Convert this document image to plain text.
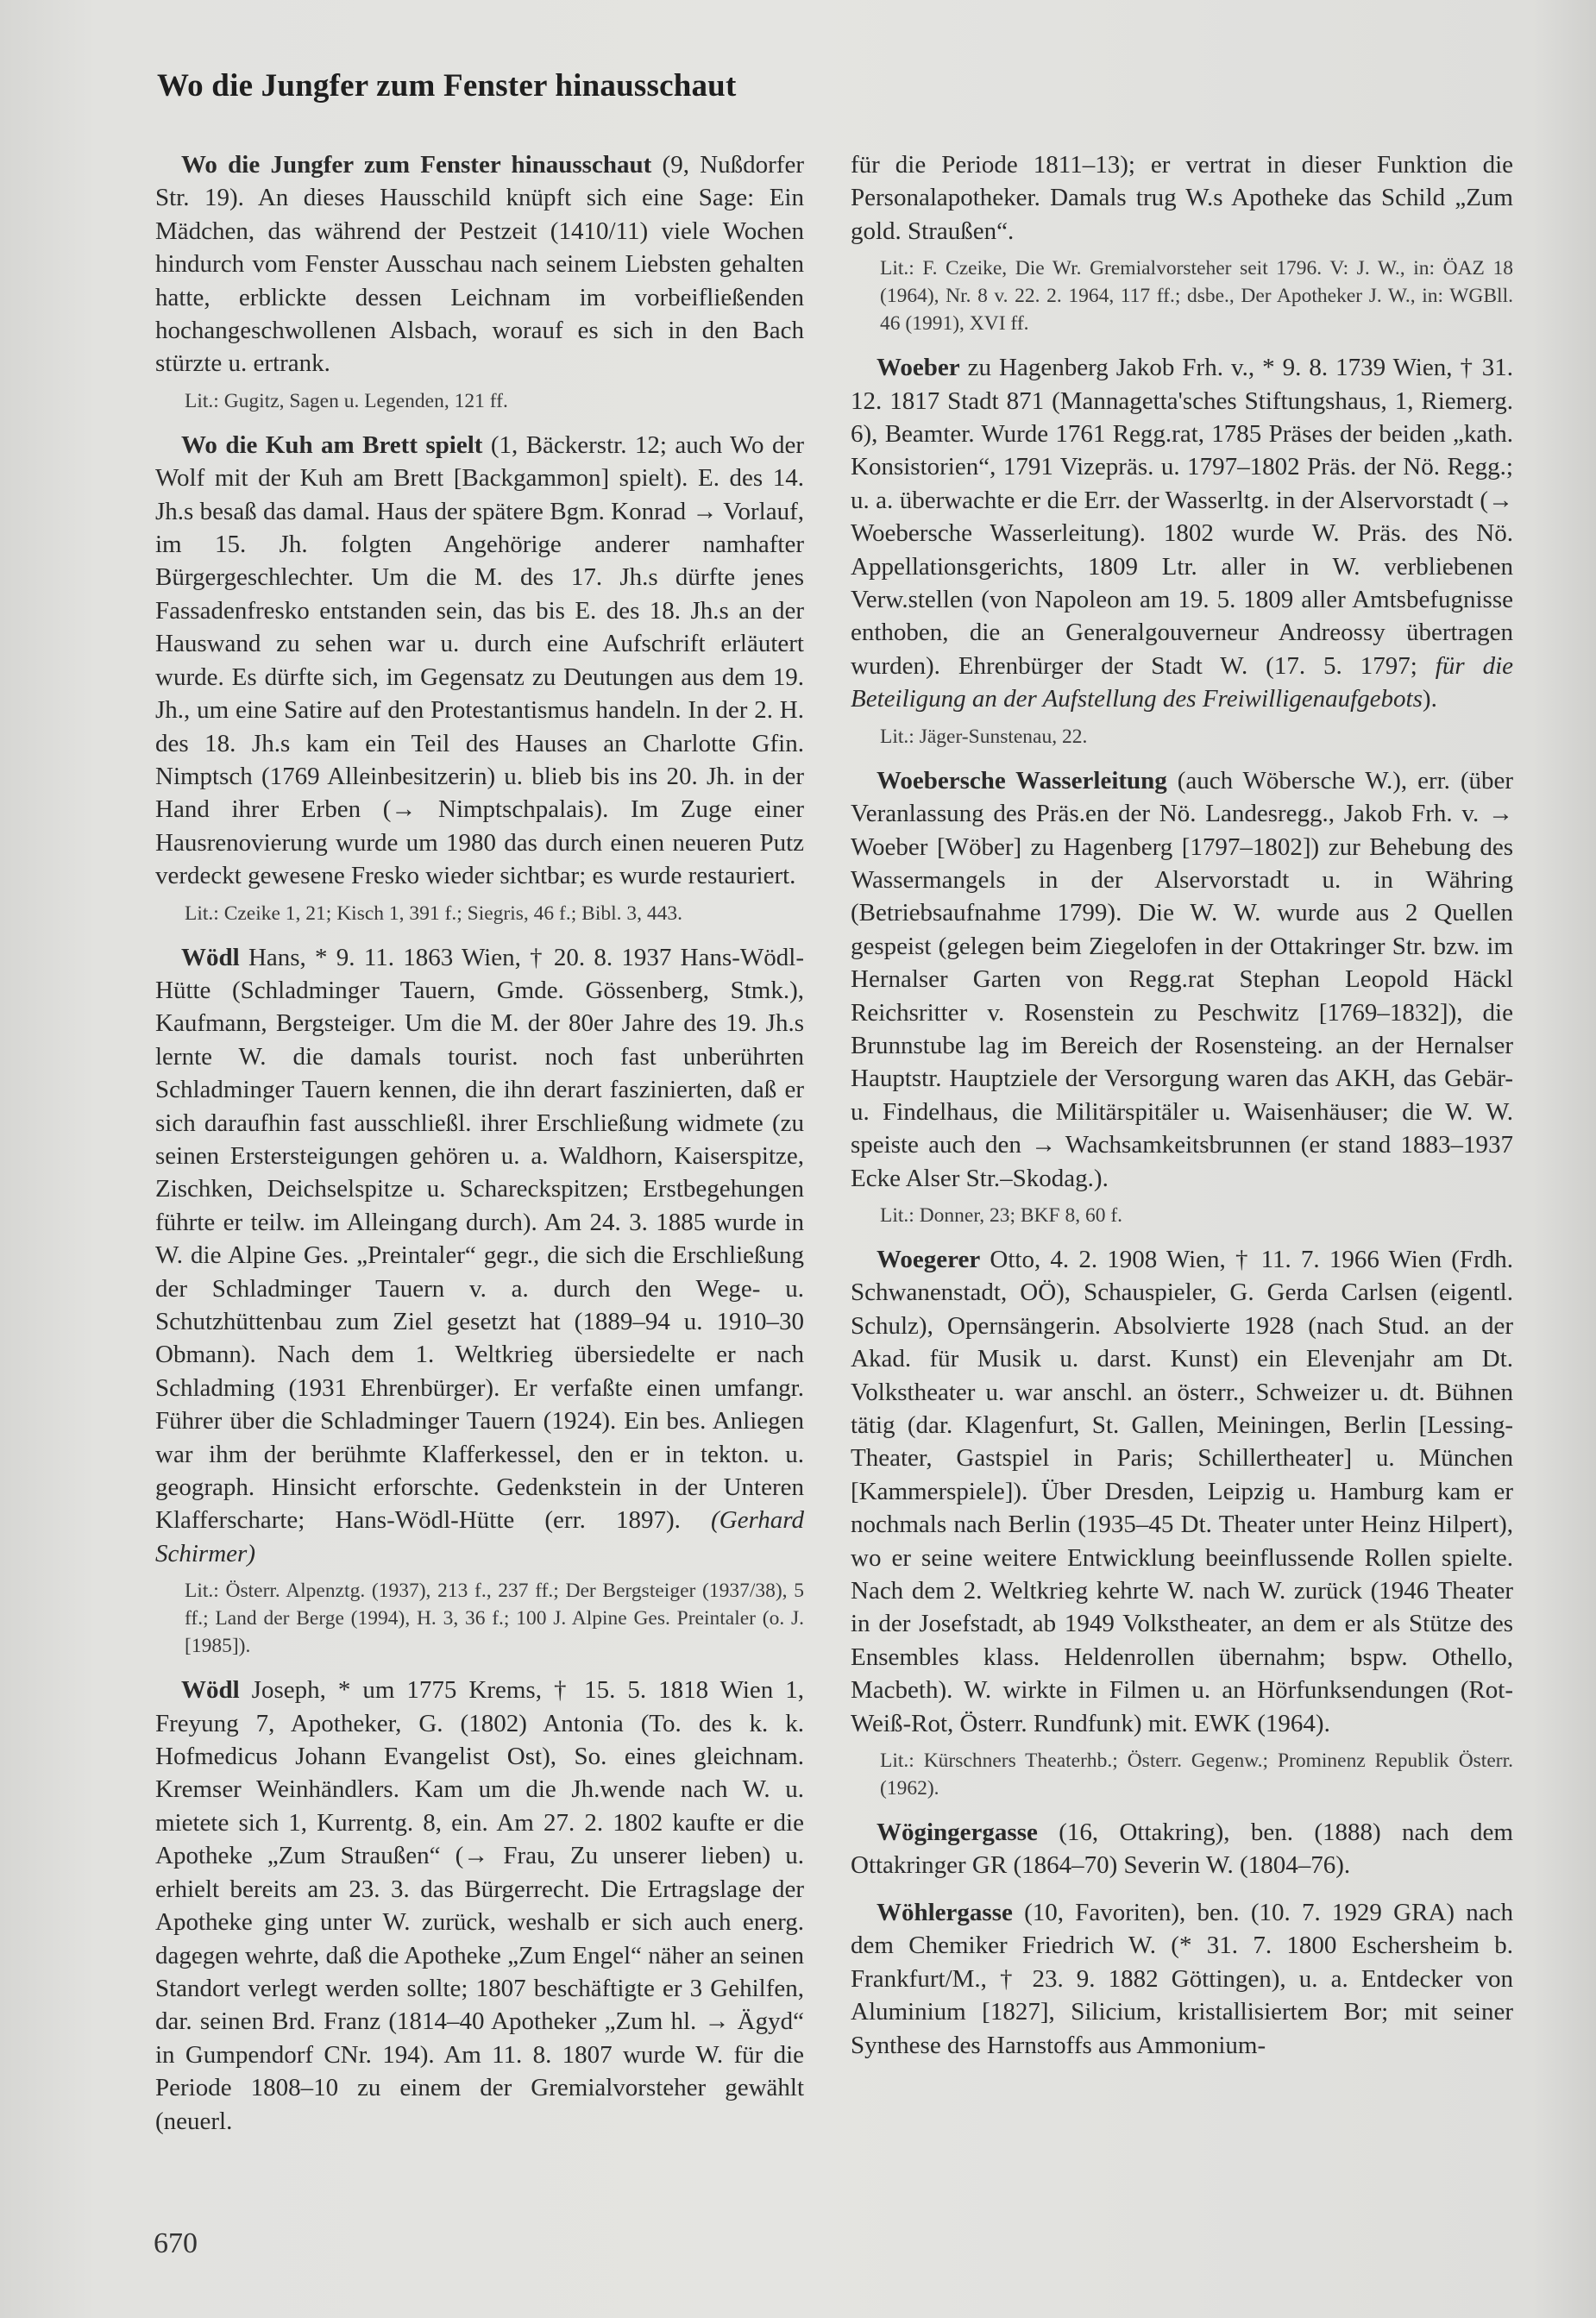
Wo die Jungfer zum Fenster hinausschaut

Wo die Jungfer zum Fenster hinausschaut (9, Nußdorfer Str. 19). An dieses Hausschild knüpft sich eine Sage: Ein Mädchen, das während der Pestzeit (1410/11) viele Wochen hindurch vom Fenster Ausschau nach seinem Liebsten gehalten hatte, erblickte dessen Leichnam im vorbeifließenden hochangeschwollenen Alsbach, worauf es sich in den Bach stürzte u. ertrank.

Lit.: Gugitz, Sagen u. Legenden, 121 ff.

Wo die Kuh am Brett spielt (1, Bäckerstr. 12; auch Wo der Wolf mit der Kuh am Brett [Backgammon] spielt). E. des 14. Jh.s besaß das damal. Haus der spätere Bgm. Konrad → Vorlauf, im 15. Jh. folgten Angehörige anderer namhafter Bürgergeschlechter. Um die M. des 17. Jh.s dürfte jenes Fassadenfresko entstanden sein, das bis E. des 18. Jh.s an der Hauswand zu sehen war u. durch eine Aufschrift erläutert wurde. Es dürfte sich, im Gegensatz zu Deutungen aus dem 19. Jh., um eine Satire auf den Protestantismus handeln. In der 2. H. des 18. Jh.s kam ein Teil des Hauses an Charlotte Gfin. Nimptsch (1769 Alleinbesitzerin) u. blieb bis ins 20. Jh. in der Hand ihrer Erben (→ Nimptschpalais). Im Zuge einer Hausrenovierung wurde um 1980 das durch einen neueren Putz verdeckt gewesene Fresko wieder sichtbar; es wurde restauriert.

Lit.: Czeike 1, 21; Kisch 1, 391 f.; Siegris, 46 f.; Bibl. 3, 443.

Wödl Hans, * 9. 11. 1863 Wien, † 20. 8. 1937 Hans-Wödl-Hütte (Schladminger Tauern, Gmde. Gössenberg, Stmk.), Kaufmann, Bergsteiger. Um die M. der 80er Jahre des 19. Jh.s lernte W. die damals tourist. noch fast unberührten Schladminger Tauern kennen, die ihn derart faszinierten, daß er sich daraufhin fast ausschließl. ihrer Erschließung widmete (zu seinen Erstersteigungen gehören u. a. Waldhorn, Kaiserspitze, Zischken, Deichselspitze u. Schareckspitzen; Erstbegehungen führte er teilw. im Alleingang durch). Am 24. 3. 1885 wurde in W. die Alpine Ges. „Preintaler“ gegr., die sich die Erschließung der Schladminger Tauern v. a. durch den Wege- u. Schutzhüttenbau zum Ziel gesetzt hat (1889–94 u. 1910–30 Obmann). Nach dem 1. Weltkrieg übersiedelte er nach Schladming (1931 Ehrenbürger). Er verfaßte einen umfangr. Führer über die Schladminger Tauern (1924). Ein bes. Anliegen war ihm der berühmte Klafferkessel, den er in tekton. u. geograph. Hinsicht erforschte. Gedenkstein in der Unteren Klafferscharte; Hans-Wödl-Hütte (err. 1897). (Gerhard Schirmer)

Lit.: Österr. Alpenztg. (1937), 213 f., 237 ff.; Der Bergsteiger (1937/38), 5 ff.; Land der Berge (1994), H. 3, 36 f.; 100 J. Alpine Ges. Preintaler (o. J. [1985]).

Wödl Joseph, * um 1775 Krems, † 15. 5. 1818 Wien 1, Freyung 7, Apotheker, G. (1802) Antonia (To. des k. k. Hofmedicus Johann Evangelist Ost), So. eines gleichnam. Kremser Weinhändlers. Kam um die Jh.wende nach W. u. mietete sich 1, Kurrentg. 8, ein. Am 27. 2. 1802 kaufte er die Apotheke „Zum Straußen“ (→ Frau, Zu unserer lieben) u. erhielt bereits am 23. 3. das Bürgerrecht. Die Ertragslage der Apotheke ging unter W. zurück, weshalb er sich auch energ. dagegen wehrte, daß die Apotheke „Zum Engel“ näher an seinen Standort verlegt werden sollte; 1807 beschäftigte er 3 Gehilfen, dar. seinen Brd. Franz (1814–40 Apotheker „Zum hl. → Ägyd“ in Gumpendorf CNr. 194). Am 11. 8. 1807 wurde W. für die Periode 1808–10 zu einem der Gremialvorsteher gewählt (neuerl.

für die Periode 1811–13); er vertrat in dieser Funktion die Personalapotheker. Damals trug W.s Apotheke das Schild „Zum gold. Straußen“.

Lit.: F. Czeike, Die Wr. Gremialvorsteher seit 1796. V: J. W., in: ÖAZ 18 (1964), Nr. 8 v. 22. 2. 1964, 117 ff.; dsbe., Der Apotheker J. W., in: WGBll. 46 (1991), XVI ff.

Woeber zu Hagenberg Jakob Frh. v., * 9. 8. 1739 Wien, † 31. 12. 1817 Stadt 871 (Mannagetta'sches Stiftungshaus, 1, Riemerg. 6), Beamter. Wurde 1761 Regg.rat, 1785 Präses der beiden „kath. Konsistorien“, 1791 Vizepräs. u. 1797–1802 Präs. der Nö. Regg.; u. a. überwachte er die Err. der Wasserltg. in der Alservorstadt (→ Woebersche Wasserleitung). 1802 wurde W. Präs. des Nö. Appellationsgerichts, 1809 Ltr. aller in W. verbliebenen Verw.stellen (von Napoleon am 19. 5. 1809 aller Amtsbefugnisse enthoben, die an Generalgouverneur Andreossy übertragen wurden). Ehrenbürger der Stadt W. (17. 5. 1797; für die Beteiligung an der Aufstellung des Freiwilligenaufgebots).

Lit.: Jäger-Sunstenau, 22.

Woebersche Wasserleitung (auch Wöbersche W.), err. (über Veranlassung des Präs.en der Nö. Landesregg., Jakob Frh. v. → Woeber [Wöber] zu Hagenberg [1797–1802]) zur Behebung des Wassermangels in der Alservorstadt u. in Währing (Betriebsaufnahme 1799). Die W. W. wurde aus 2 Quellen gespeist (gelegen beim Ziegelofen in der Ottakringer Str. bzw. im Hernalser Garten von Regg.rat Stephan Leopold Häckl Reichsritter v. Rosenstein zu Peschwitz [1769–1832]), die Brunnstube lag im Bereich der Rosensteing. an der Hernalser Hauptstr. Hauptziele der Versorgung waren das AKH, das Gebär- u. Findelhaus, die Militärspitäler u. Waisenhäuser; die W. W. speiste auch den → Wachsamkeitsbrunnen (er stand 1883–1937 Ecke Alser Str.–Skodag.).

Lit.: Donner, 23; BKF 8, 60 f.

Woegerer Otto, 4. 2. 1908 Wien, † 11. 7. 1966 Wien (Frdh. Schwanenstadt, OÖ), Schauspieler, G. Gerda Carlsen (eigentl. Schulz), Opernsängerin. Absolvierte 1928 (nach Stud. an der Akad. für Musik u. darst. Kunst) ein Elevenjahr am Dt. Volkstheater u. war anschl. an österr., Schweizer u. dt. Bühnen tätig (dar. Klagenfurt, St. Gallen, Meiningen, Berlin [Lessing-Theater, Gastspiel in Paris; Schillertheater] u. München [Kammerspiele]). Über Dresden, Leipzig u. Hamburg kam er nochmals nach Berlin (1935–45 Dt. Theater unter Heinz Hilpert), wo er seine weitere Entwicklung beeinflussende Rollen spielte. Nach dem 2. Weltkrieg kehrte W. nach W. zurück (1946 Theater in der Josefstadt, ab 1949 Volkstheater, an dem er als Stütze des Ensembles klass. Heldenrollen übernahm; bspw. Othello, Macbeth). W. wirkte in Filmen u. an Hörfunksendungen (Rot-Weiß-Rot, Österr. Rundfunk) mit. EWK (1964).

Lit.: Kürschners Theaterhb.; Österr. Gegenw.; Prominenz Republik Österr. (1962).

Wögingergasse (16, Ottakring), ben. (1888) nach dem Ottakringer GR (1864–70) Severin W. (1804–76).

Wöhlergasse (10, Favoriten), ben. (10. 7. 1929 GRA) nach dem Chemiker Friedrich W. (* 31. 7. 1800 Eschersheim b. Frankfurt/M., † 23. 9. 1882 Göttingen), u. a. Entdecker von Aluminium [1827], Silicium, kristallisiertem Bor; mit seiner Synthese des Harnstoffs aus Ammonium-

670
